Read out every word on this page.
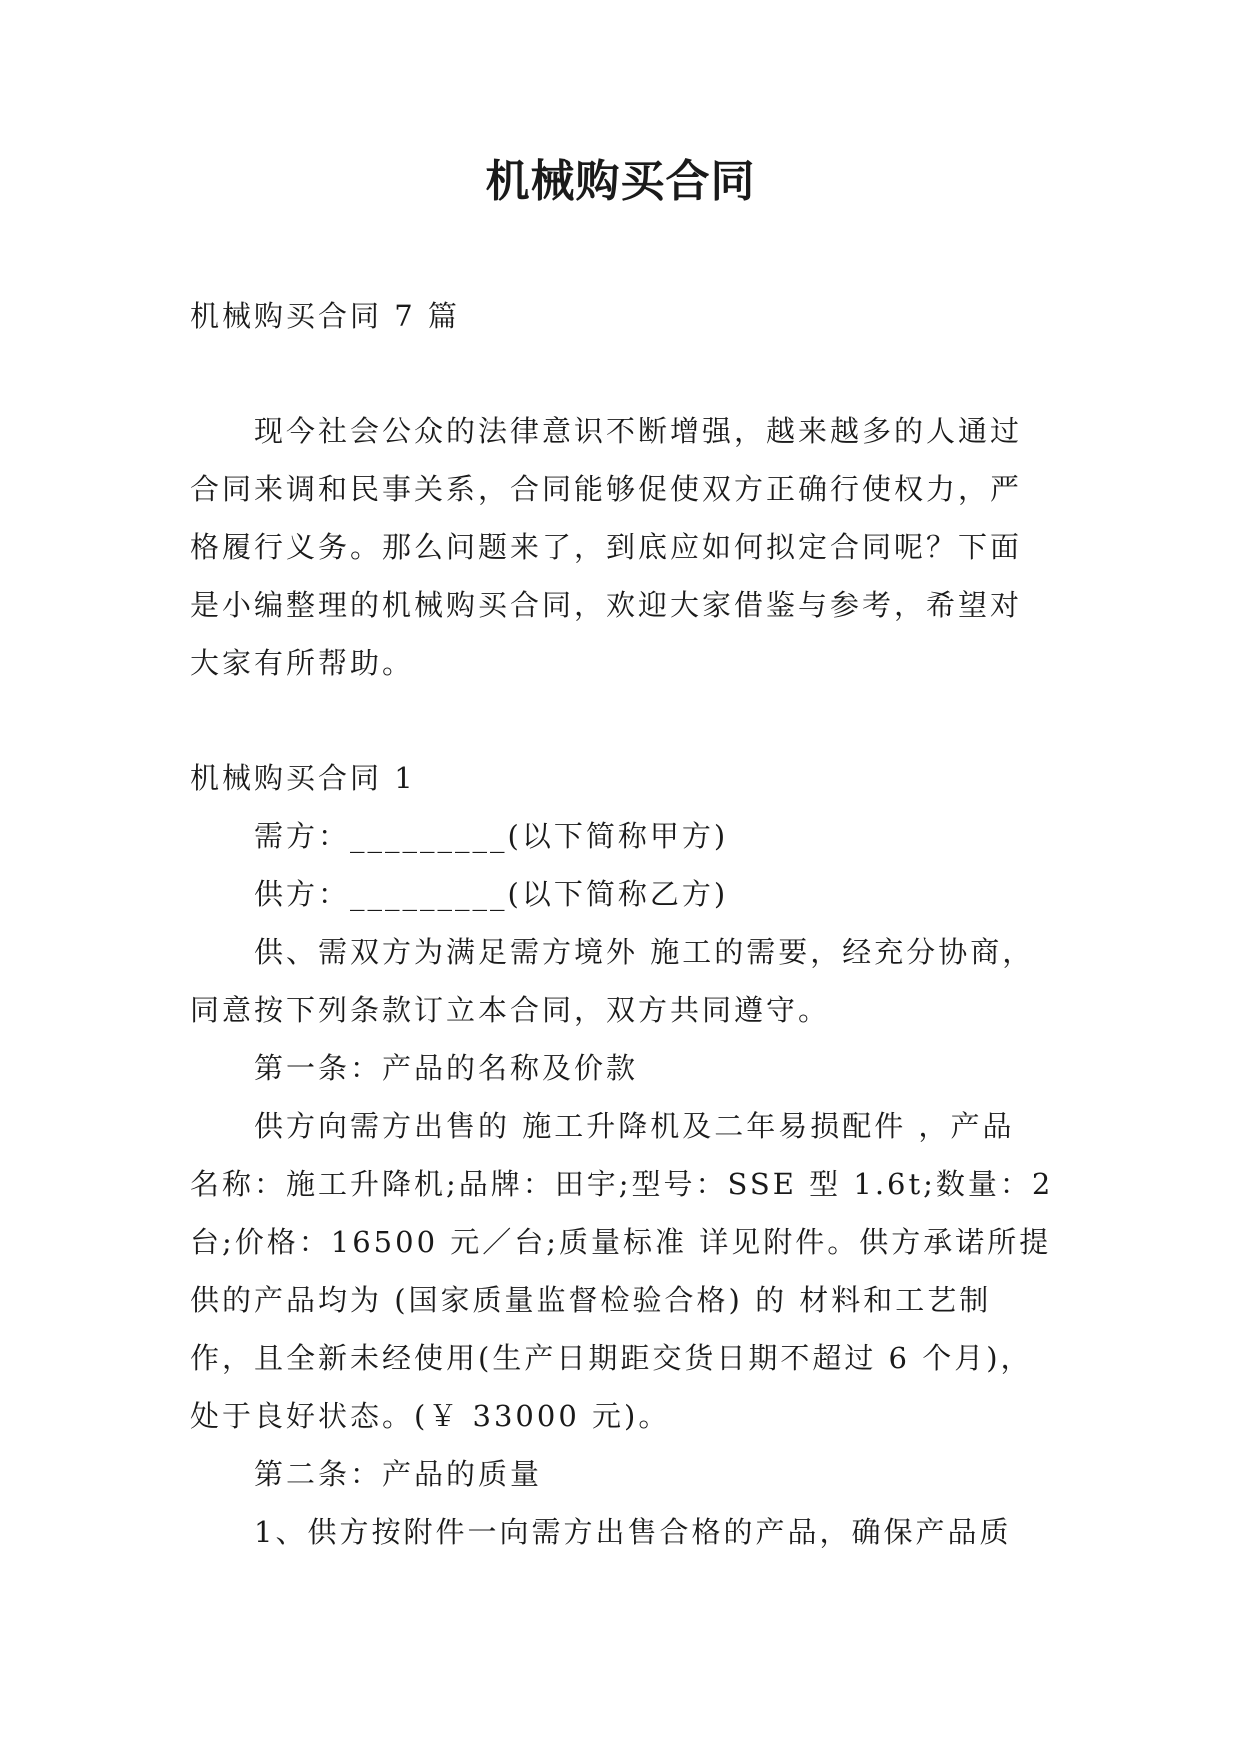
机械购买合同
机械购买合同 7 篇
现今社会公众的法律意识不断增强，越来越多的人通过
合同来调和民事关系，合同能够促使双方正确行使权力，严
格履行义务。那么问题来了，到底应如何拟定合同呢？下面
是小编整理的机械购买合同，欢迎大家借鉴与参考，希望对
大家有所帮助。
机械购买合同 1
需方：_________(以下简称甲方)
供方：_________(以下简称乙方)
供、需双方为满足需方境外 施工的需要，经充分协商，
同意按下列条款订立本合同，双方共同遵守。
第一条：产品的名称及价款
供方向需方出售的 施工升降机及二年易损配件 ，产品
名称：施工升降机;品牌：田宇;型号：SSE 型 1.6t;数量：2
台;价格：16500 元／台;质量标准 详见附件。供方承诺所提
供的产品均为 (国家质量监督检验合格) 的 材料和工艺制
作，且全新未经使用(生产日期距交货日期不超过 6 个月)，
处于良好状态。(￥ 33000 元)。
第二条：产品的质量
1、供方按附件一向需方出售合格的产品，确保产品质
